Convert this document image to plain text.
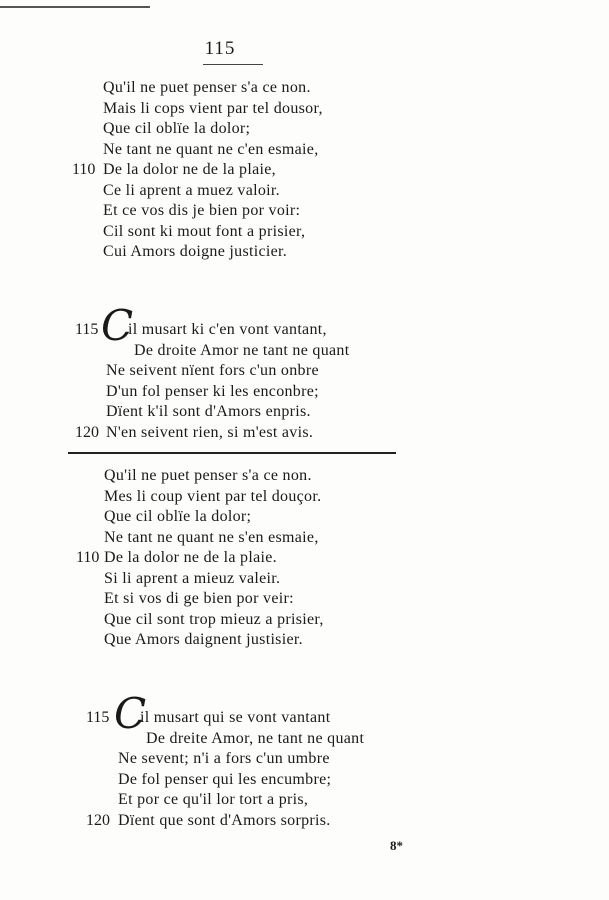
115
110
Qu'il ne puet penser s'a ce non.
Mais li cops vient par tel dousor,
Que cil oblïe la dolor;
Ne tant ne quant ne c'en esmaie,
De la dolor ne de la plaie,
Ce li aprent a muez valoir.
Et ce vos dis je bien por voir:
Cil sont ki mout font a prisier,
Cui Amors doigne justicier.
C
115 il musart ki c'en vont vantant,
De droite Amor ne tant ne quant
Ne seivent nïent fors c'un onbre
D'un fol penser ki les enconbre;
Dïent k'il sont d'Amors enpris.
120 N'en seivent rien, si m'est avis.
Qu'il ne puet penser s'a ce non.
Mes li coup vient par tel douçor.
Que cil oblïe la dolor;
Ne tant ne quant ne s'en esmaie,
110 De la dolor ne de la plaie.
Si li aprent a mieuz valeir.
Et si vos di ge bien por veir:
Que cil sont trop mieuz a prisier,
Que Amors daignent justisier.
C
115 il musart qui se vont vantant
De dreite Amor, ne tant ne quant
Ne sevent; n'i a fors c'un umbre
De fol penser qui les encumbre;
Et por ce qu'il lor tort a pris,
120 Dïent que sont d'Amors sorpris.
8*
